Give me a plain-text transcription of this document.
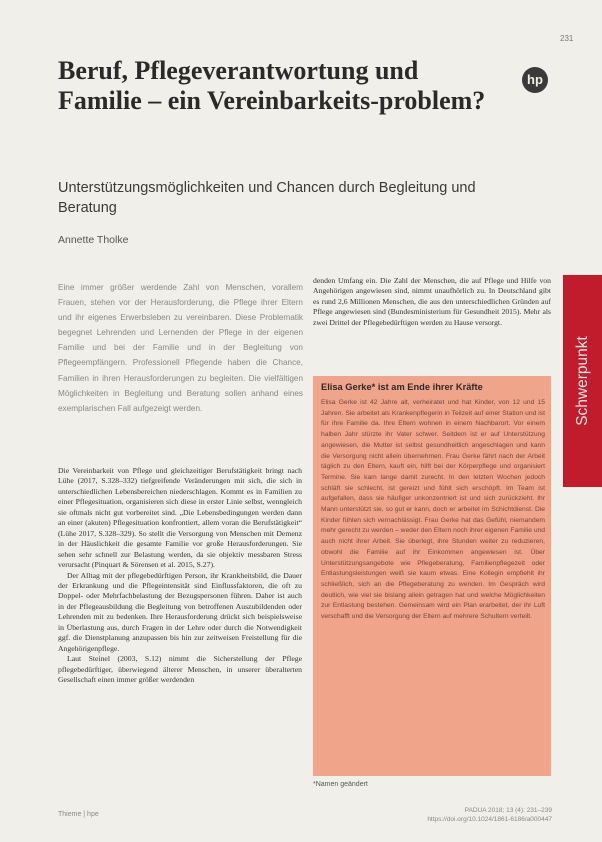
231
Beruf, Pflegeverantwortung und Familie – ein Vereinbarkeits-problem?
hp
Unterstützungsmöglichkeiten und Chancen durch Begleitung und Beratung
Annette Tholke
Eine immer größer werdende Zahl von Menschen, vorallem Frauen, stehen vor der Herausforderung, die Pflege ihrer Eltern und ihr eigenes Erwerbsleben zu vereinbaren. Diese Problematik begegnet Lehrenden und Lernenden der Pflege in der eigenen Familie und bei der Familie und in der Begleitung von Pflegeempfängern. Professionell Pflegende haben die Chance, Familien in ihren Herausforderungen zu begleiten. Die vielfältigen Möglichkeiten in Begleitung und Beratung sollen anhand eines exemplarischen Fall aufgezeigt werden.

Die Vereinbarkeit von Pflege und gleichzeitiger Berufstätigkeit bringt nach Lühe (2017, S.328–332) tiefgreifende Veränderungen mit sich, die sich in unterschiedlichen Lebensbereichen niederschlagen. Kommt es in Familien zu einer Pflegesituation, organisieren sich diese in erster Linie selbst, wenngleich sie oftmals nicht gut vorbereitet sind. „Die Lebensbedingungen werden dann an einer (akuten) Pflegesituation konfrontiert, allem voran die Berufstätigkeit“ (Lühe 2017, S.328–329). So stellt die Versorgung von Menschen mit Demenz in der Häuslichkeit die gesamte Familie vor große Herausforderungen. Sie sehen sehr schnell zur Belastung werden, da sie objektiv messbaren Stress verursacht (Pinquart & Sörensen et al. 2015, S.27).

Der Alltag mit der pflegebedürftigen Person, ihr Krankheitsbild, die Dauer der Erkrankung und die Pflegeintensität sind Einflussfaktoren, die oft zu Doppel- oder Mehrfachbelastung der Bezugspersonen führen. Daher ist auch in der Pflegeausbildung die Begleitung von betroffenen Auszubildenden oder Lehrenden mit zu bedenken. Ihre Herausforderung drückt sich beispielsweise in Überlastung aus, durch Fragen in der Lehre oder durch die Notwendigkeit ggf. die Dienstplanung anzupassen bis hin zur zeitweisen Freistellung für die Angehörigenpflege.

Laut Steinel (2003, S.12) nimmt die Sicherstellung der Pflege pflegebedürftiger, überwiegend älterer Menschen, in unserer überalterten Gesellschaft einen immer größer werdenden

denden Umfang ein. Die Zahl der Menschen, die auf Pflege und Hilfe von Angehörigen angewiesen sind, nimmt unaufhörlich zu. In Deutschland gibt es rund 2,6 Millionen Menschen, die aus den unterschiedlichen Gründen auf Pflege angewiesen sind (Bundesministerium für Gesundheit 2015). Mehr als zwei Drittel der Pflegebedürftigen werden zu Hause versorgt.

Elisa Gerke* ist am Ende ihrer Kräfte

Elisa Gerke ist 42 Jahre alt, verheiratet und hat Kinder, von 12 und 15 Jahren. Sie arbeitet als Krankenpflegerin in Teilzeit auf einer Station und ist für ihre Familie da. Ihre Eltern wohnen in einem Nachbarort. Vor einem halben Jahr stürzte ihr Vater schwer. Seitdem ist er auf Unterstützung angewiesen, die Mutter ist selbst gesundheitlich angeschlagen und kann die Versorgung nicht allein übernehmen. Frau Gerke fährt nach der Arbeit täglich zu den Eltern, kauft ein, hilft bei der Körperpflege und organisiert Termine. Sie kam lange damit zurecht. In den letzten Wochen jedoch schläft sie schlecht, ist gereizt und fühlt sich erschöpft. Im Team ist aufgefallen, dass sie häufiger unkonzentriert ist und sich zurückzieht. Ihr Mann unterstützt sie, so gut er kann, doch er arbeitet im Schichtdienst. Die Kinder fühlen sich vernachlässigt. Frau Gerke hat das Gefühl, niemandem mehr gerecht zu werden – weder den Eltern noch ihrer eigenen Familie und auch nicht ihrer Arbeit. Sie überlegt, ihre Stunden weiter zu reduzieren, obwohl die Familie auf ihr Einkommen angewiesen ist. Über Unterstützungsangebote wie Pflegeberatung, Familienpflegezeit oder Entlastungsleistungen weiß sie kaum etwas. Eine Kollegin empfiehlt ihr schließlich, sich an die Pflegeberatung zu wenden. Im Gespräch wird deutlich, wie viel sie bislang allein getragen hat und welche Möglichkeiten zur Entlastung bestehen. Gemeinsam wird ein Plan erarbeitet, der ihr Luft verschafft und die Versorgung der Eltern auf mehrere Schultern verteilt.

*Namen geändert
Schwerpunkt
Thieme | hpe
PADUA 2018; 13 (4): 231–239
https://doi.org/10.1024/1861-6186/a000447
